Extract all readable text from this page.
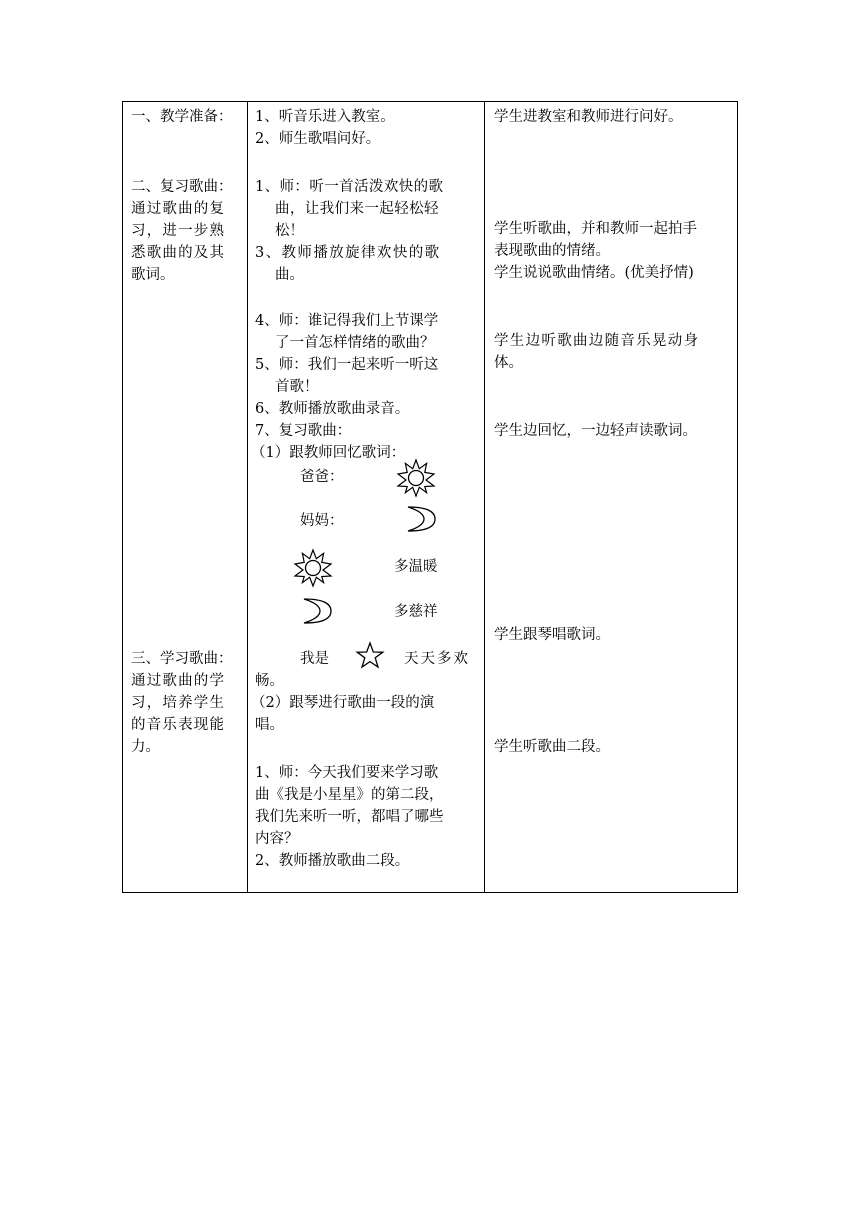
一、教学准备：
二、复习歌曲：
通过歌曲的复
习，进一步熟
悉歌曲的及其
歌词。
三、学习歌曲：
通过歌曲的学
习，培养学生
的音乐表现能
力。
1、听音乐进入教室。
2、师生歌唱问好。
1、师：听一首活泼欢快的歌
曲，让我们来一起轻松轻
松！
3、教师播放旋律欢快的歌
曲。
4、师：谁记得我们上节课学
了一首怎样情绪的歌曲？
5、师：我们一起来听一听这
首歌！
6、教师播放歌曲录音。
7、复习歌曲：
（1）跟教师回忆歌词：
爸爸：
妈妈：
多温暖
多慈祥
我是	天天多欢
畅。
（2）跟琴进行歌曲一段的演
唱。
1、师：今天我们要来学习歌
曲《我是小星星》的第二段，
我们先来听一听，都唱了哪些
内容？
2、教师播放歌曲二段。
学生进教室和教师进行问好。
学生听歌曲，并和教师一起拍手
表现歌曲的情绪。
学生说说歌曲情绪。(优美抒情)
学生边听歌曲边随音乐晃动身
体。
学生边回忆，一边轻声读歌词。
学生跟琴唱歌词。
学生听歌曲二段。
